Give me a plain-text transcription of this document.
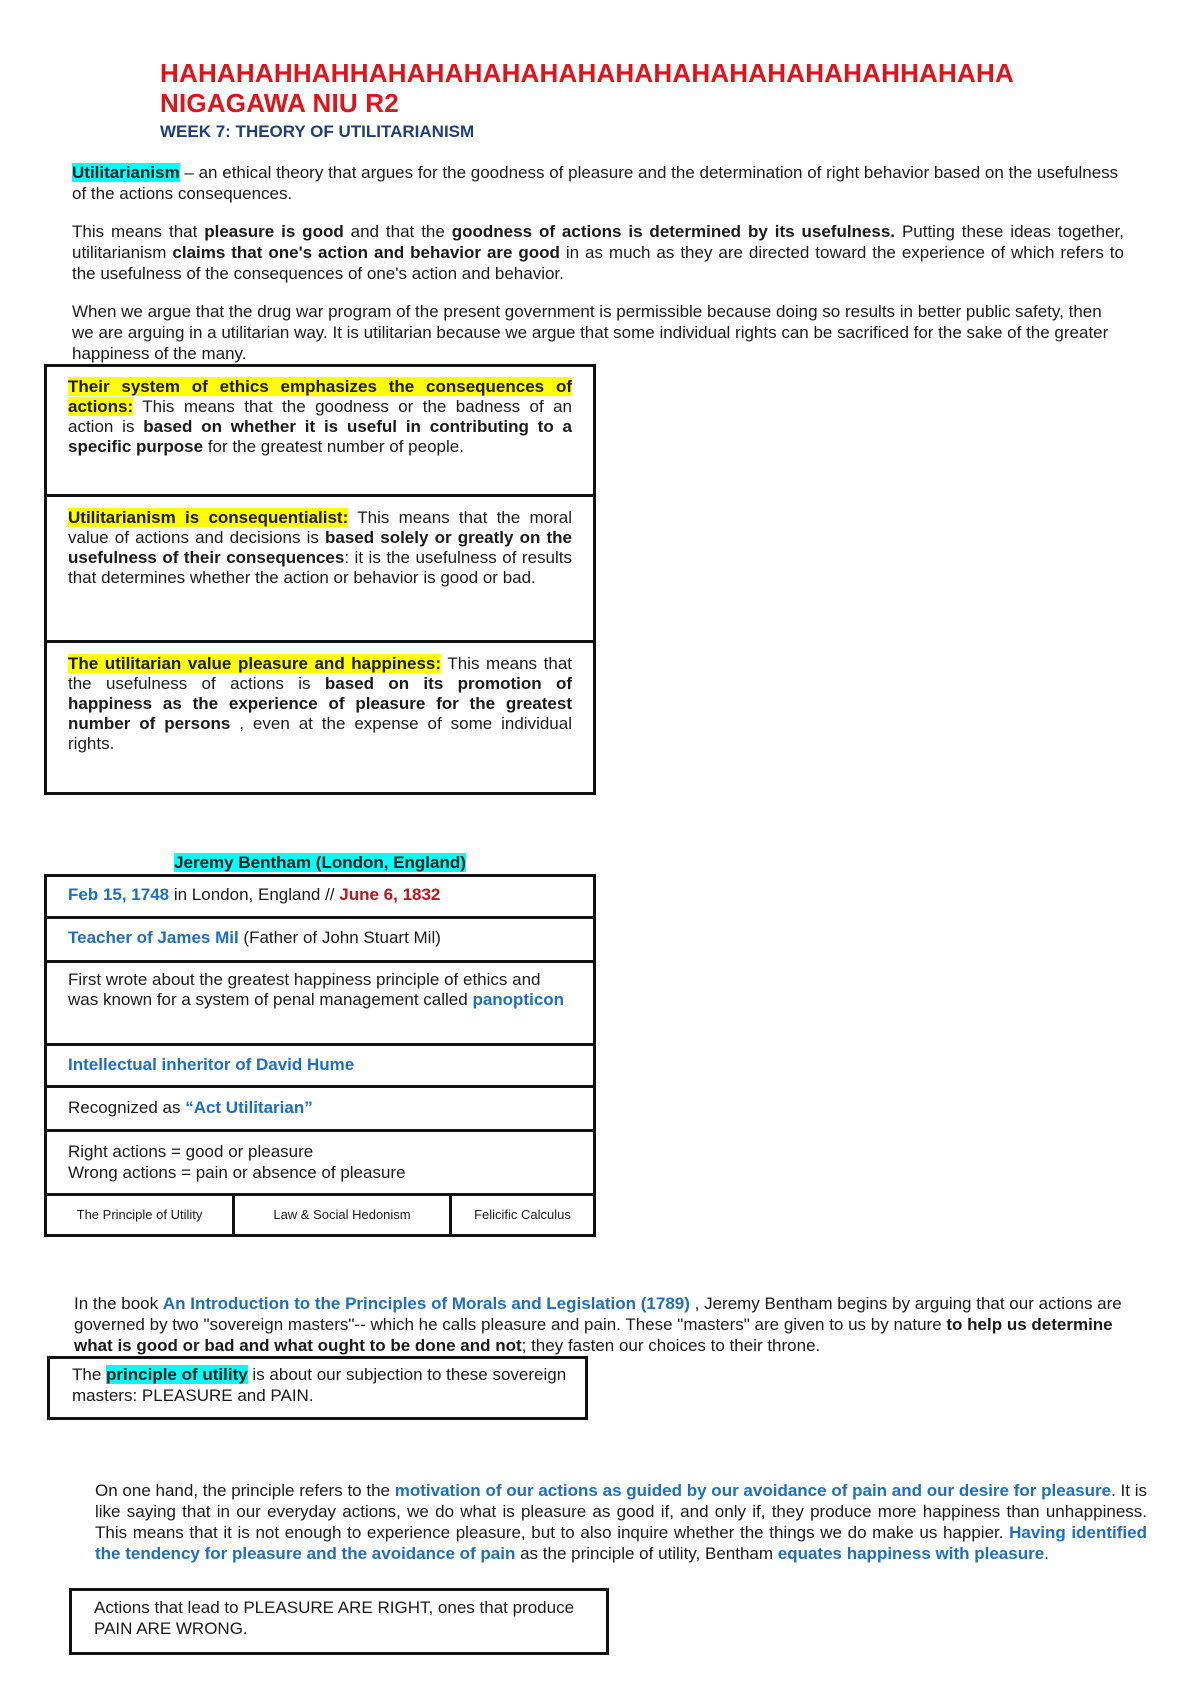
HAHAHAHHAHHAHAHAHAHAHAHAHAHAHAHAHAHAHAHHAHAHA
NIGAGAWA NIU R2
WEEK 7: THEORY OF UTILITARIANISM
Utilitarianism – an ethical theory that argues for the goodness of pleasure and the determination of right behavior based on the usefulness of the actions consequences.
This means that pleasure is good and that the goodness of actions is determined by its usefulness. Putting these ideas together, utilitarianism claims that one's action and behavior are good in as much as they are directed toward the experience of which refers to the usefulness of the consequences of one's action and behavior.
When we argue that the drug war program of the present government is permissible because doing so results in better public safety, then we are arguing in a utilitarian way. It is utilitarian because we argue that some individual rights can be sacrificed for the sake of the greater happiness of the many.
Their system of ethics emphasizes the consequences of actions: This means that the goodness or the badness of an action is based on whether it is useful in contributing to a specific purpose for the greatest number of people.
Utilitarianism is consequentialist: This means that the moral value of actions and decisions is based solely or greatly on the usefulness of their consequences: it is the usefulness of results that determines whether the action or behavior is good or bad.
The utilitarian value pleasure and happiness: This means that the usefulness of actions is based on its promotion of happiness as the experience of pleasure for the greatest number of persons , even at the expense of some individual rights.
Jeremy Bentham (London, England)
Feb 15, 1748 in London, England // June 6, 1832
Teacher of James Mil (Father of John Stuart Mil)
First wrote about the greatest happiness principle of ethics and was known for a system of penal management called panopticon
Intellectual inheritor of David Hume
Recognized as “Act Utilitarian”
Right actions = good or pleasure
Wrong actions = pain or absence of pleasure
The Principle of Utility	Law & Social Hedonism	Felicific Calculus
In the book An Introduction to the Principles of Morals and Legislation (1789) , Jeremy Bentham begins by arguing that our actions are governed by two "sovereign masters"-- which he calls pleasure and pain. These "masters" are given to us by nature to help us determine what is good or bad and what ought to be done and not; they fasten our choices to their throne.
The principle of utility is about our subjection to these sovereign masters: PLEASURE and PAIN.
On one hand, the principle refers to the motivation of our actions as guided by our avoidance of pain and our desire for pleasure. It is like saying that in our everyday actions, we do what is pleasure as good if, and only if, they produce more happiness than unhappiness. This means that it is not enough to experience pleasure, but to also inquire whether the things we do make us happier. Having identified the tendency for pleasure and the avoidance of pain as the principle of utility, Bentham equates happiness with pleasure.
Actions that lead to PLEASURE ARE RIGHT, ones that produce PAIN ARE WRONG.
